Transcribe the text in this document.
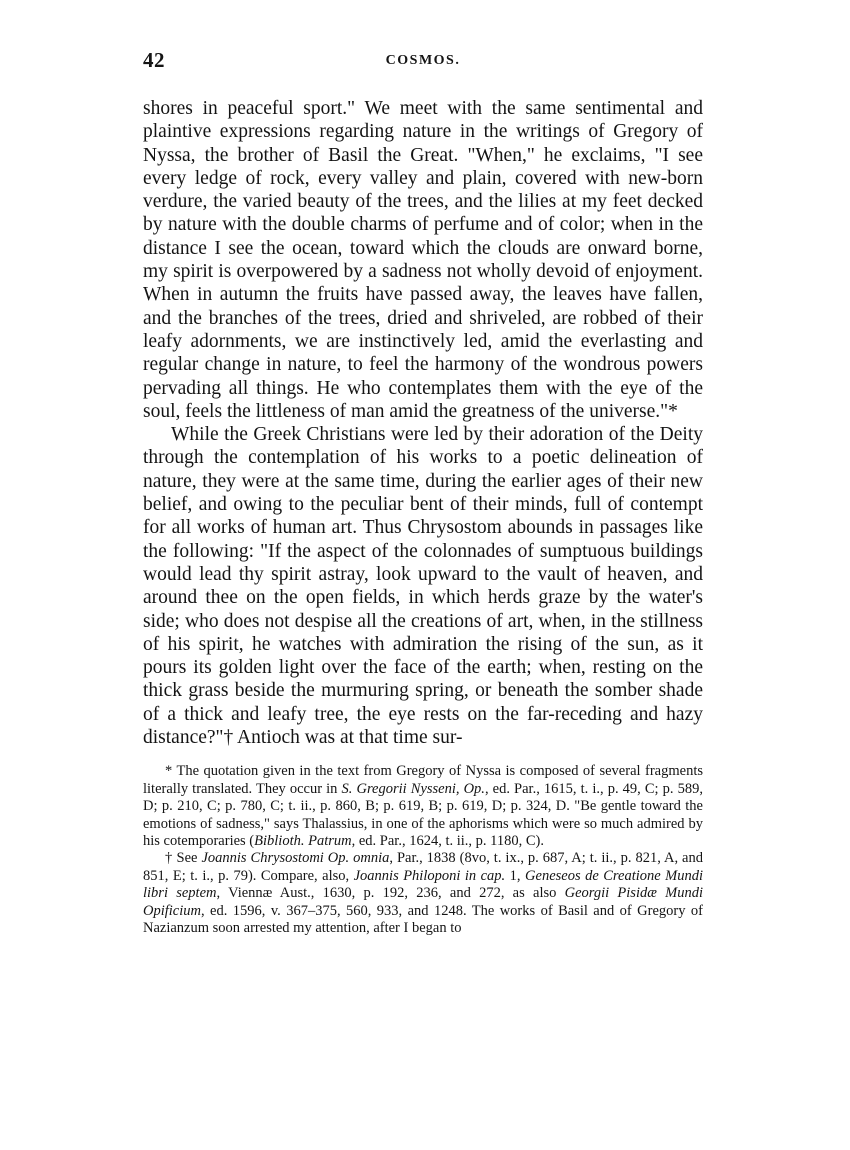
42	COSMOS.

shores in peaceful sport." We meet with the same sentimental and plaintive expressions regarding nature in the writings of Gregory of Nyssa, the brother of Basil the Great. "When," he exclaims, "I see every ledge of rock, every valley and plain, covered with new-born verdure, the varied beauty of the trees, and the lilies at my feet decked by nature with the double charms of perfume and of color; when in the distance I see the ocean, toward which the clouds are onward borne, my spirit is overpowered by a sadness not wholly devoid of enjoyment. When in autumn the fruits have passed away, the leaves have fallen, and the branches of the trees, dried and shriveled, are robbed of their leafy adornments, we are instinctively led, amid the everlasting and regular change in nature, to feel the harmony of the wondrous powers pervading all things. He who contemplates them with the eye of the soul, feels the littleness of man amid the greatness of the universe."*

While the Greek Christians were led by their adoration of the Deity through the contemplation of his works to a poetic delineation of nature, they were at the same time, during the earlier ages of their new belief, and owing to the peculiar bent of their minds, full of contempt for all works of human art. Thus Chrysostom abounds in passages like the following: "If the aspect of the colonnades of sumptuous buildings would lead thy spirit astray, look upward to the vault of heaven, and around thee on the open fields, in which herds graze by the water's side; who does not despise all the creations of art, when, in the stillness of his spirit, he watches with admiration the rising of the sun, as it pours its golden light over the face of the earth; when, resting on the thick grass beside the murmuring spring, or beneath the somber shade of a thick and leafy tree, the eye rests on the far-receding and hazy distance?"† Antioch was at that time sur-

* The quotation given in the text from Gregory of Nyssa is composed of several fragments literally translated. They occur in S. Gregorii Nysseni, Op., ed. Par., 1615, t. i., p. 49, C; p. 589, D; p. 210, C; p. 780, C; t. ii., p. 860, B; p. 619, B; p. 619, D; p. 324, D. "Be gentle toward the emotions of sadness," says Thalassius, in one of the aphorisms which were so much admired by his cotemporaries (Biblioth. Patrum, ed. Par., 1624, t. ii., p. 1180, C).

† See Joannis Chrysostomi Op. omnia, Par., 1838 (8vo, t. ix., p. 687, A; t. ii., p. 821, A, and 851, E; t. i., p. 79). Compare, also, Joannis Philoponi in cap. 1, Geneseos de Creatione Mundi libri septem, Viennæ Aust., 1630, p. 192, 236, and 272, as also Georgii Pisidæ Mundi Opificium, ed. 1596, v. 367–375, 560, 933, and 1248. The works of Basil and of Gregory of Nazianzum soon arrested my attention, after I began to
